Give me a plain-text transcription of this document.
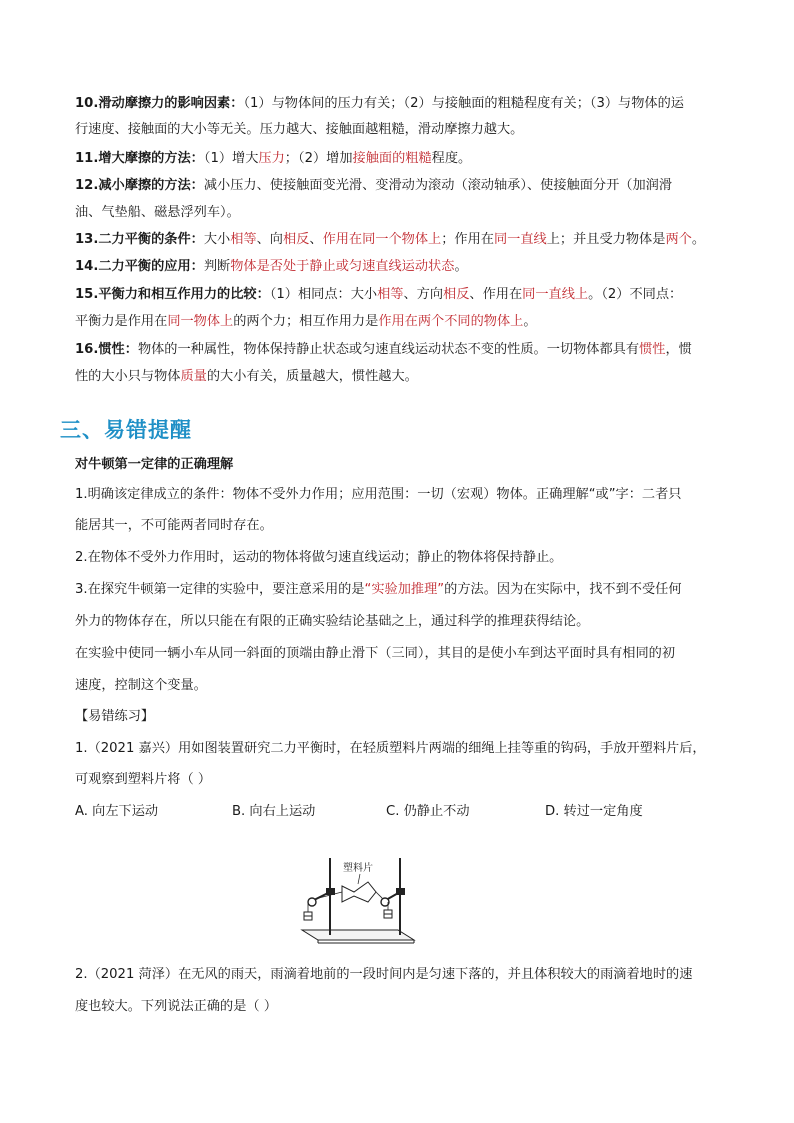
10.滑动摩擦力的影响因素：（1）与物体间的压力有关；（2）与接触面的粗糙程度有关；（3）与物体的运
行速度、接触面的大小等无关。压力越大、接触面越粗糙，滑动摩擦力越大。
11.增大摩擦的方法：（1）增大压力；（2）增加接触面的粗糙程度。
12.减小摩擦的方法：减小压力、使接触面变光滑、变滑动为滚动（滚动轴承）、使接触面分开（加润滑
油、气垫船、磁悬浮列车）。
13.二力平衡的条件：大小相等、向相反、作用在同一个物体上；作用在同一直线上；并且受力物体是两个。
14.二力平衡的应用：判断物体是否处于静止或匀速直线运动状态。
15.平衡力和相互作用力的比较：（1）相同点：大小相等、方向相反、作用在同一直线上。（2）不同点：
平衡力是作用在同一物体上的两个力；相互作用力是作用在两个不同的物体上。
16.惯性：物体的一种属性，物体保持静止状态或匀速直线运动状态不变的性质。一切物体都具有惯性，惯
性的大小只与物体质量的大小有关，质量越大，惯性越大。
三、易错提醒
对牛顿第一定律的正确理解
1.明确该定律成立的条件：物体不受外力作用；应用范围：一切（宏观）物体。正确理解“或”字：二者只
能居其一，不可能两者同时存在。
2.在物体不受外力作用时，运动的物体将做匀速直线运动；静止的物体将保持静止。
3.在探究牛顿第一定律的实验中，要注意采用的是“实验加推理”的方法。因为在实际中，找不到不受任何
外力的物体存在，所以只能在有限的正确实验结论基础之上，通过科学的推理获得结论。
在实验中使同一辆小车从同一斜面的顶端由静止滑下（三同），其目的是使小车到达平面时具有相同的初
速度，控制这个变量。
【易错练习】
1.（2021 嘉兴）用如图装置研究二力平衡时，在轻质塑料片两端的细绳上挂等重的钩码，手放开塑料片后，
可观察到塑料片将（ ）
A. 向左下运动	B. 向右上运动	C. 仍静止不动	D. 转过一定角度
塑料片
2.（2021 菏泽）在无风的雨天，雨滴着地前的一段时间内是匀速下落的，并且体积较大的雨滴着地时的速
度也较大。下列说法正确的是（ ）
